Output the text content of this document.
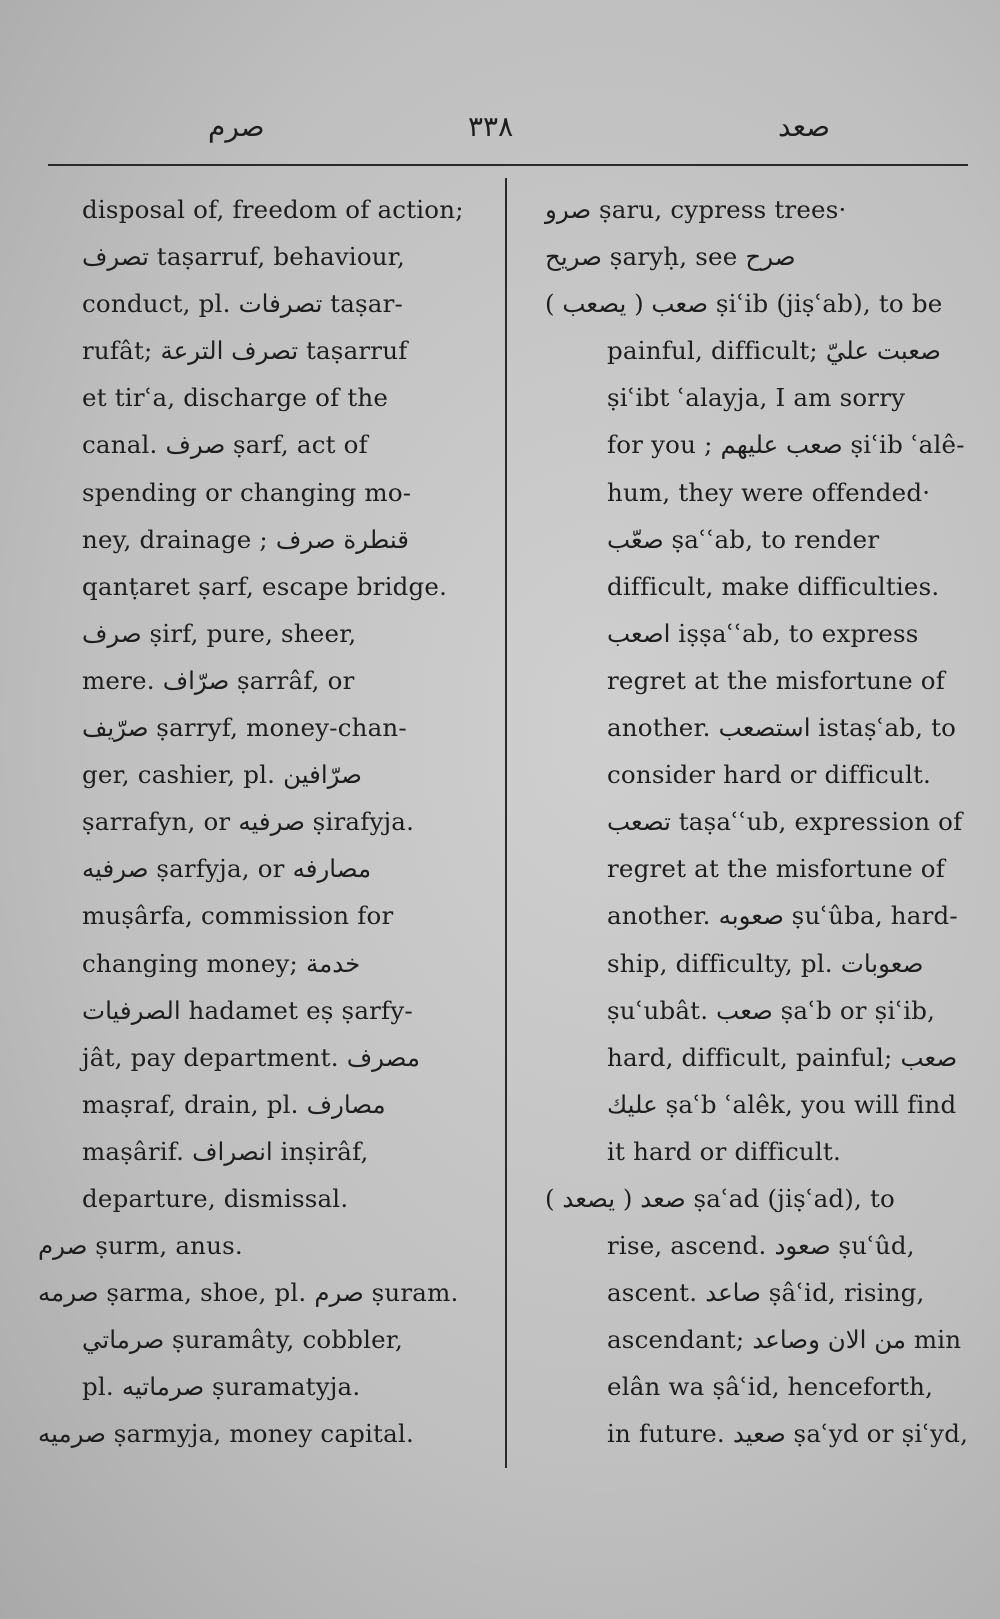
صرم	٣٣٨	صعد
disposal of, freedom of action;
تصرف taṣarruf, behaviour,
conduct, pl. تصرفات taṣar-
rufât; تصرف الترعة taṣarruf
et tirʿa, discharge of the
canal. صرف ṣarf, act of
spending or changing mo-
ney, drainage ; قنطرة صرف
qanṭaret ṣarf, escape bridge.
صرف ṣirf, pure, sheer,
mere. صرّاف ṣarrâf, or
صرّيف ṣarryf, money-chan-
ger, cashier, pl. صرّافين
ṣarrafyn, or صرفيه ṣirafyja.
صرفيه ṣarfyja, or مصارفه
muṣârfa, commission for
changing money; خدمة
الصرفيات hadamet eṣ ṣarfy-
jât, pay department. مصرف
maṣraf, drain, pl. مصارف
maṣârif. انصراف inṣirâf,
departure, dismissal.
صرم ṣurm, anus.
صرمه ṣarma, shoe, pl. صرم ṣuram.
صرماتي ṣuramâty, cobbler,
pl. صرماتيه ṣuramatyja.
صرميه ṣarmyja, money capital.
صرو ṣaru, cypress trees·
صريح ṣaryḥ, see صرح
صعب ( يصعب ) ṣiʿib (jiṣʿab), to be
painful, difficult; صعبت عليّ
ṣiʿibt ʿalayja, I am sorry
for you ; صعب عليهم ṣiʿib ʿalê-
hum, they were offended·
صعّب ṣaʿʿab, to render
difficult, make difficulties.
اصعب iṣṣaʿʿab, to express
regret at the misfortune of
another. استصعب istaṣʿab, to
consider hard or difficult.
تصعب taṣaʿʿub, expression of
regret at the misfortune of
another. صعوبه ṣuʿûba, hard-
ship, difficulty, pl. صعوبات
ṣuʿubât. صعب ṣaʿb or ṣiʿib,
hard, difficult, painful; صعب
عليك ṣaʿb ʿalêk, you will find
it hard or difficult.
صعد ( يصعد ) ṣaʿad (jiṣʿad), to
rise, ascend. صعود ṣuʿûd,
ascent. صاعد ṣâʿid, rising,
ascendant; من الان وصاعد min
elân wa ṣâʿid, henceforth,
in future. صعيد ṣaʿyd or ṣiʿyd,
